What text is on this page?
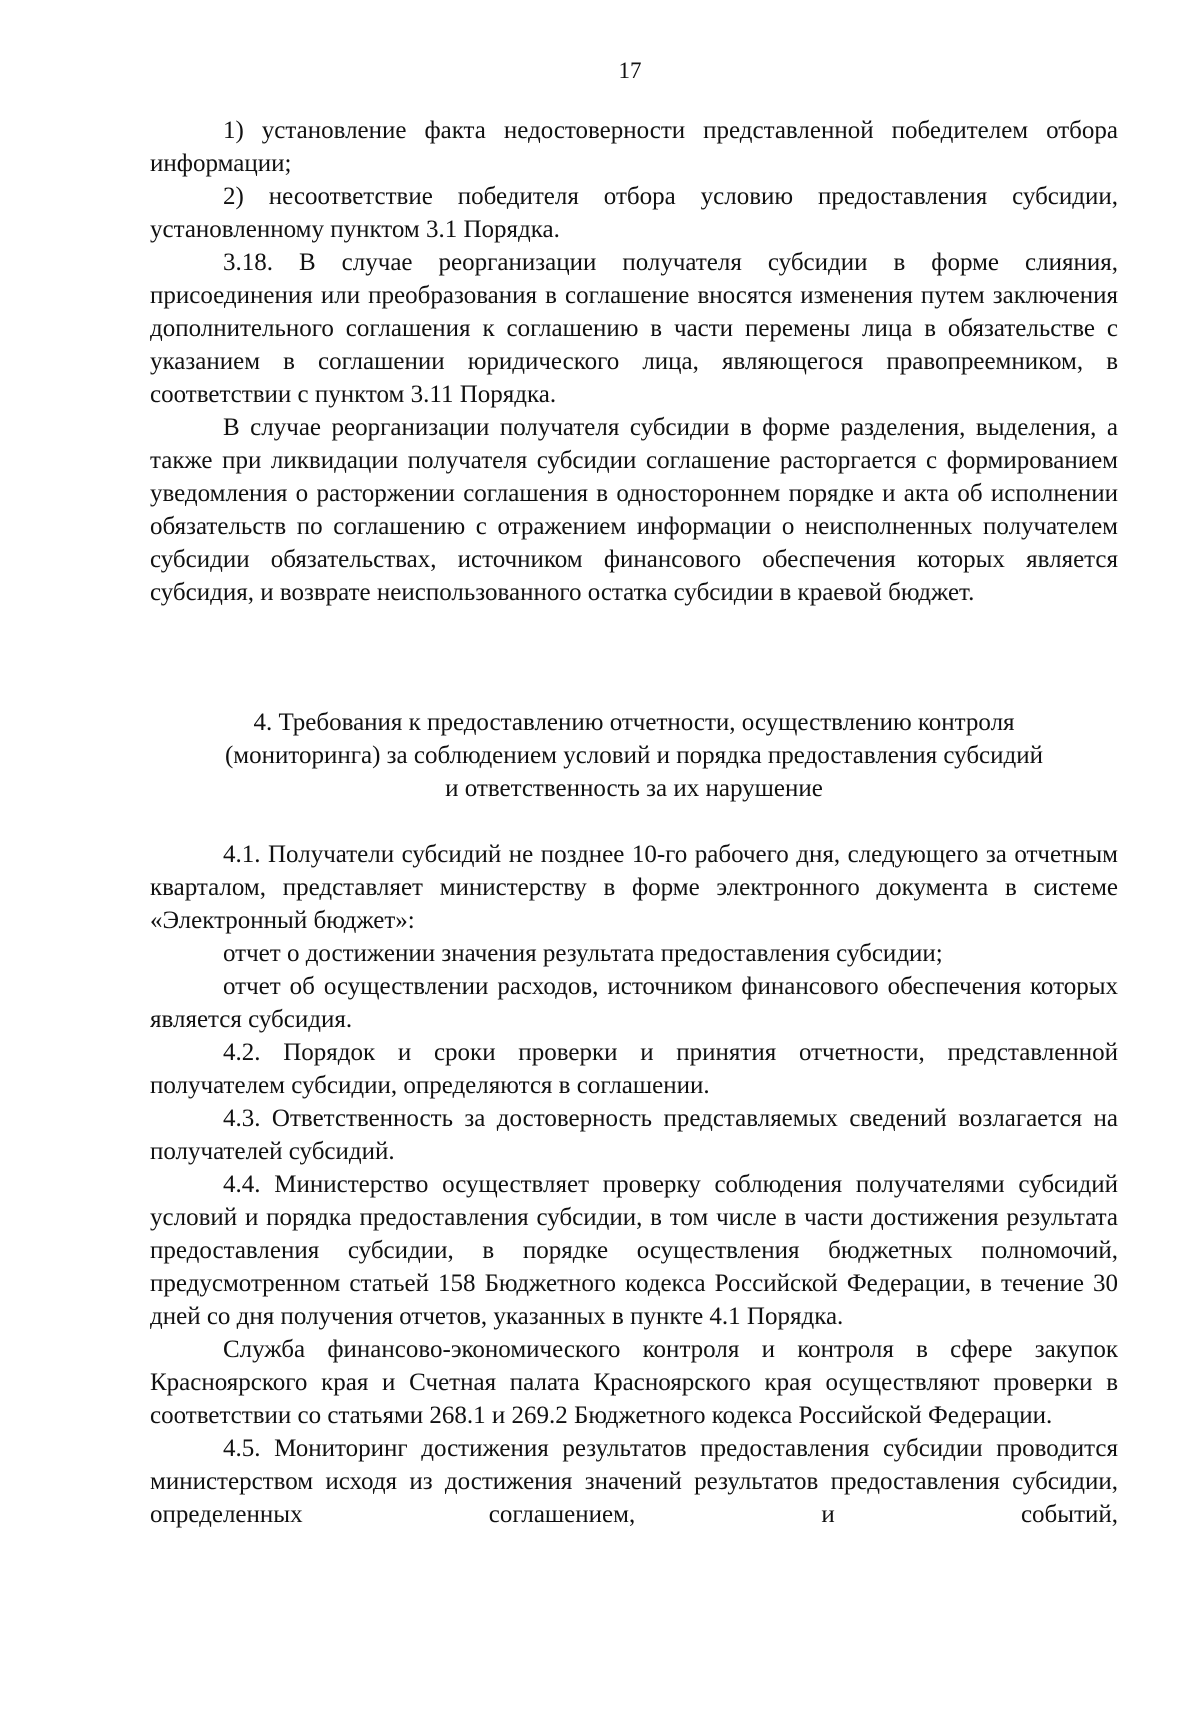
17

1) установление факта недостоверности представленной победителем отбора информации;

2) несоответствие победителя отбора условию предоставления субсидии, установленному пунктом 3.1 Порядка.

3.18. В случае реорганизации получателя субсидии в форме слияния, присоединения или преобразования в соглашение вносятся изменения путем заключения дополнительного соглашения к соглашению в части перемены лица в обязательстве с указанием в соглашении юридического лица, являющегося правопреемником, в соответствии с пунктом 3.11 Порядка.

В случае реорганизации получателя субсидии в форме разделения, выделения, а также при ликвидации получателя субсидии соглашение расторгается с формированием уведомления о расторжении соглашения в одностороннем порядке и акта об исполнении обязательств по соглашению с отражением информации о неисполненных получателем субсидии обязательствах, источником финансового обеспечения которых является субсидия, и возврате неиспользованного остатка субсидии в краевой бюджет.

4. Требования к предоставлению отчетности, осуществлению контроля
(мониторинга) за соблюдением условий и порядка предоставления субсидий
и ответственность за их нарушение

4.1. Получатели субсидий не позднее 10-го рабочего дня, следующего за отчетным кварталом, представляет министерству в форме электронного документа в системе «Электронный бюджет»:

отчет о достижении значения результата предоставления субсидии;

отчет об осуществлении расходов, источником финансового обеспечения которых является субсидия.

4.2. Порядок и сроки проверки и принятия отчетности, представленной получателем субсидии, определяются в соглашении.

4.3. Ответственность за достоверность представляемых сведений возлагается на получателей субсидий.

4.4. Министерство осуществляет проверку соблюдения получателями субсидий условий и порядка предоставления субсидии, в том числе в части достижения результата предоставления субсидии, в порядке осуществления бюджетных полномочий, предусмотренном статьей 158 Бюджетного кодекса Российской Федерации, в течение 30 дней со дня получения отчетов, указанных в пункте 4.1 Порядка.

Служба финансово-экономического контроля и контроля в сфере закупок Красноярского края и Счетная палата Красноярского края осуществляют проверки в соответствии со статьями 268.1 и 269.2 Бюджетного кодекса Российской Федерации.

4.5. Мониторинг достижения результатов предоставления субсидии проводится министерством исходя из достижения значений результатов предоставления субсидии, определенных соглашением, и событий,
